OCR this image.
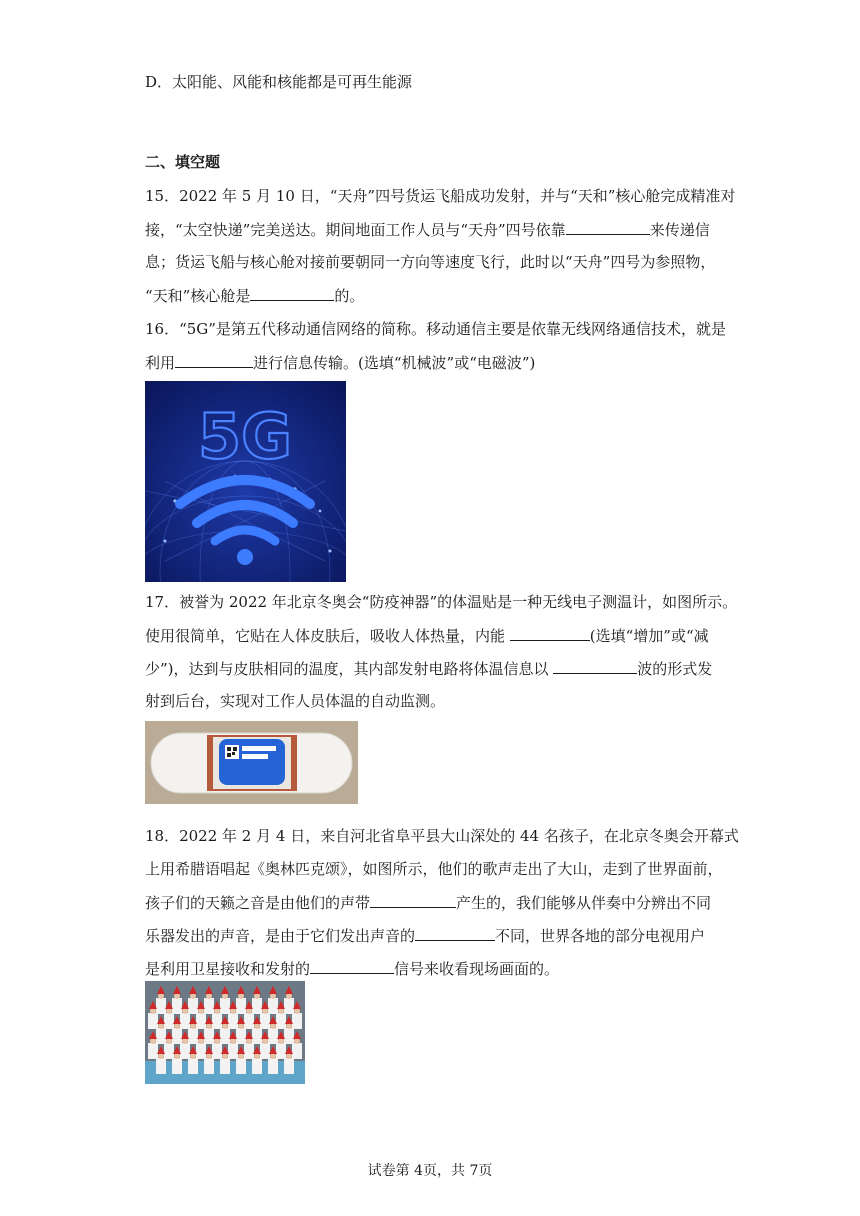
D．太阳能、风能和核能都是可再生能源
二、填空题
15．2022 年 5 月 10 日，“天舟”四号货运飞船成功发射，并与“天和”核心舱完成精准对
接，“太空快递”完美送达。期间地面工作人员与“天舟”四号依靠	来传递信
息；货运飞船与核心舱对接前要朝同一方向等速度飞行，此时以“天舟”四号为参照物，
“天和”核心舱是	的。
16．“5G”是第五代移动通信网络的简称。移动通信主要是依靠无线网络通信技术，就是
利用	进行信息传输。(选填“机械波”或“电磁波”)
5G
17．被誉为 2022 年北京冬奥会“防疫神器”的体温贴是一种无线电子测温计，如图所示。
使用很简单，它贴在人体皮肤后，吸收人体热量，内能	(选填“增加”或“减
少”)，达到与皮肤相同的温度，其内部发射电路将体温信息以	波的形式发
射到后台，实现对工作人员体温的自动监测。
18．2022 年 2 月 4 日，来自河北省阜平县大山深处的 44 名孩子，在北京冬奥会开幕式
上用希腊语唱起《奥林匹克颂》，如图所示，他们的歌声走出了大山，走到了世界面前，
孩子们的天籁之音是由他们的声带	产生的，我们能够从伴奏中分辨出不同
乐器发出的声音，是由于它们发出声音的	不同，世界各地的部分电视用户
是利用卫星接收和发射的	信号来收看现场画面的。
试卷第 4页，共 7页
